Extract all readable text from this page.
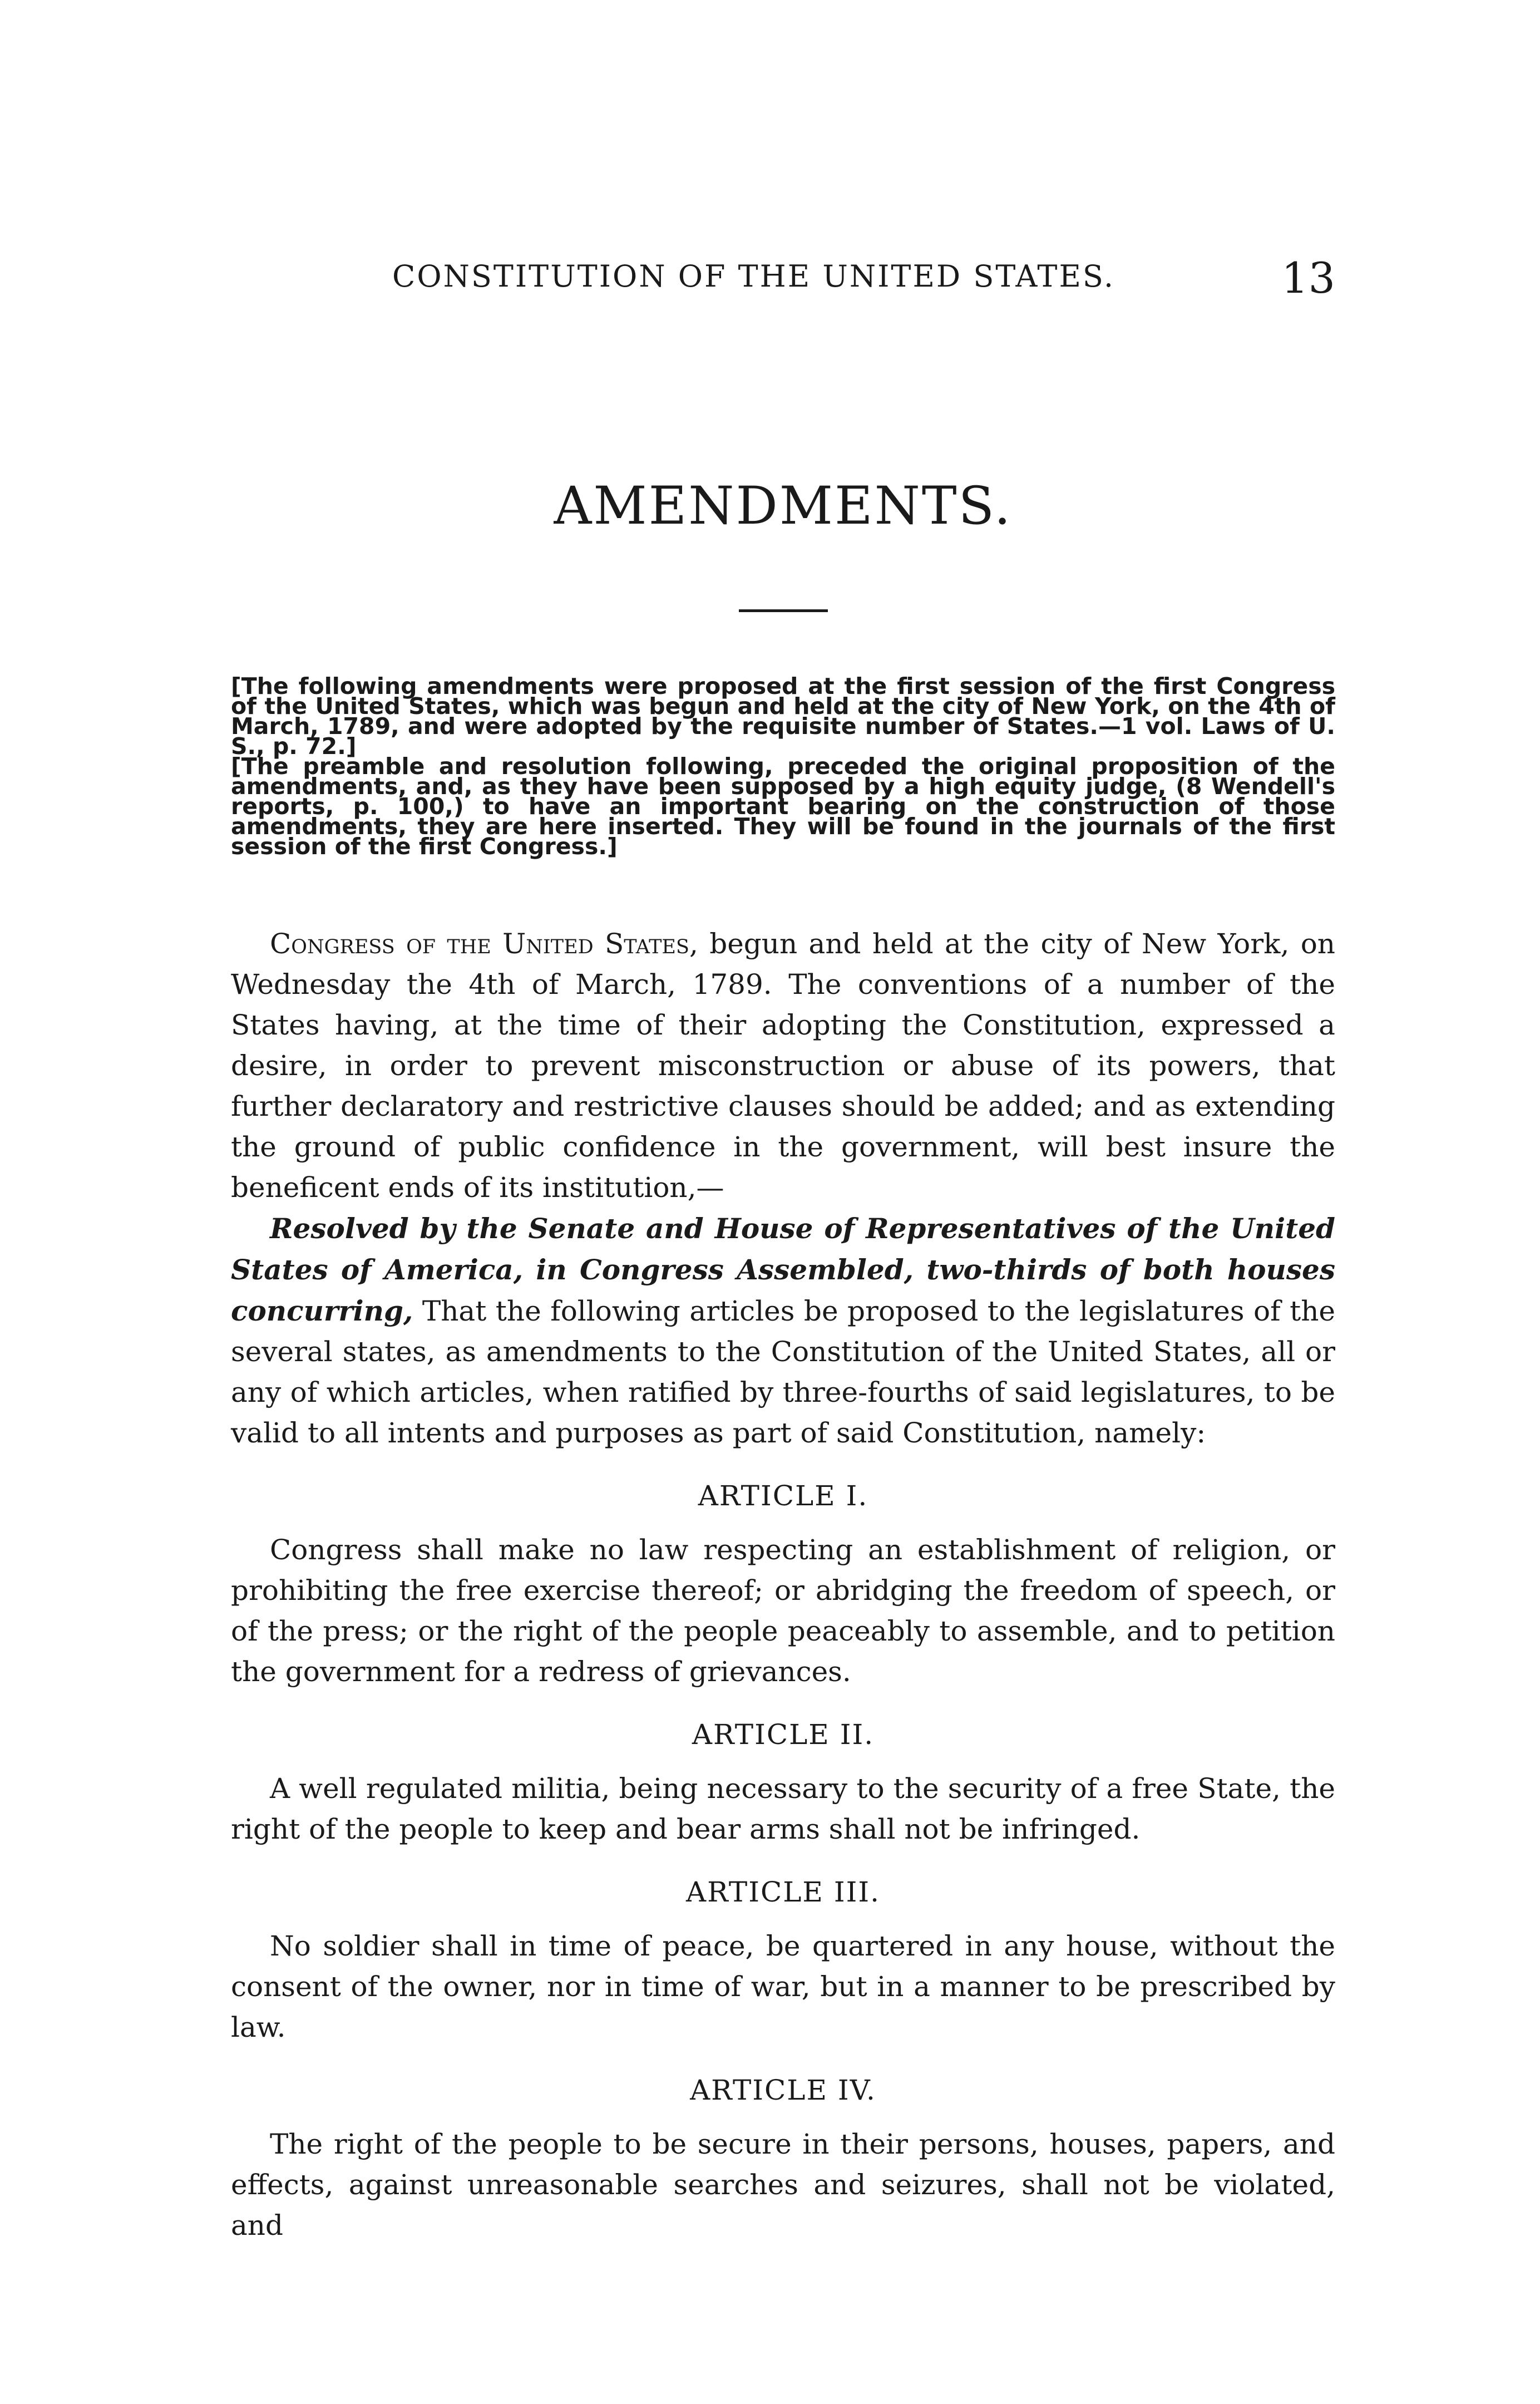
CONSTITUTION OF THE UNITED STATES.	13
AMENDMENTS.

[The following amendments were proposed at the first session of the first Congress of the United States, which was begun and held at the city of New York, on the 4th of March, 1789, and were adopted by the requisite number of States.—1 vol. Laws of U. S., p. 72.]

[The preamble and resolution following, preceded the original proposition of the amendments, and, as they have been supposed by a high equity judge, (8 Wendell's reports, p. 100,) to have an important bearing on the construction of those amendments, they are here inserted. They will be found in the journals of the first session of the first Congress.]

Congress of the United States, begun and held at the city of New York, on Wednesday the 4th of March, 1789. The conventions of a number of the States having, at the time of their adopting the Constitution, expressed a desire, in order to prevent misconstruction or abuse of its powers, that further declaratory and restrictive clauses should be added; and as extending the ground of public confidence in the government, will best insure the beneficent ends of its institution,—

Resolved by the Senate and House of Representatives of the United States of America, in Congress Assembled, two-thirds of both houses concurring, That the following articles be proposed to the legislatures of the several states, as amendments to the Constitution of the United States, all or any of which articles, when ratified by three-fourths of said legislatures, to be valid to all intents and purposes as part of said Constitution, namely:

ARTICLE I.

Congress shall make no law respecting an establishment of religion, or prohibiting the free exercise thereof; or abridging the freedom of speech, or of the press; or the right of the people peaceably to assemble, and to petition the government for a redress of grievances.

ARTICLE II.

A well regulated militia, being necessary to the security of a free State, the right of the people to keep and bear arms shall not be infringed.

ARTICLE III.

No soldier shall in time of peace, be quartered in any house, without the consent of the owner, nor in time of war, but in a manner to be prescribed by law.

ARTICLE IV.

The right of the people to be secure in their persons, houses, papers, and effects, against unreasonable searches and seizures, shall not be violated, and
